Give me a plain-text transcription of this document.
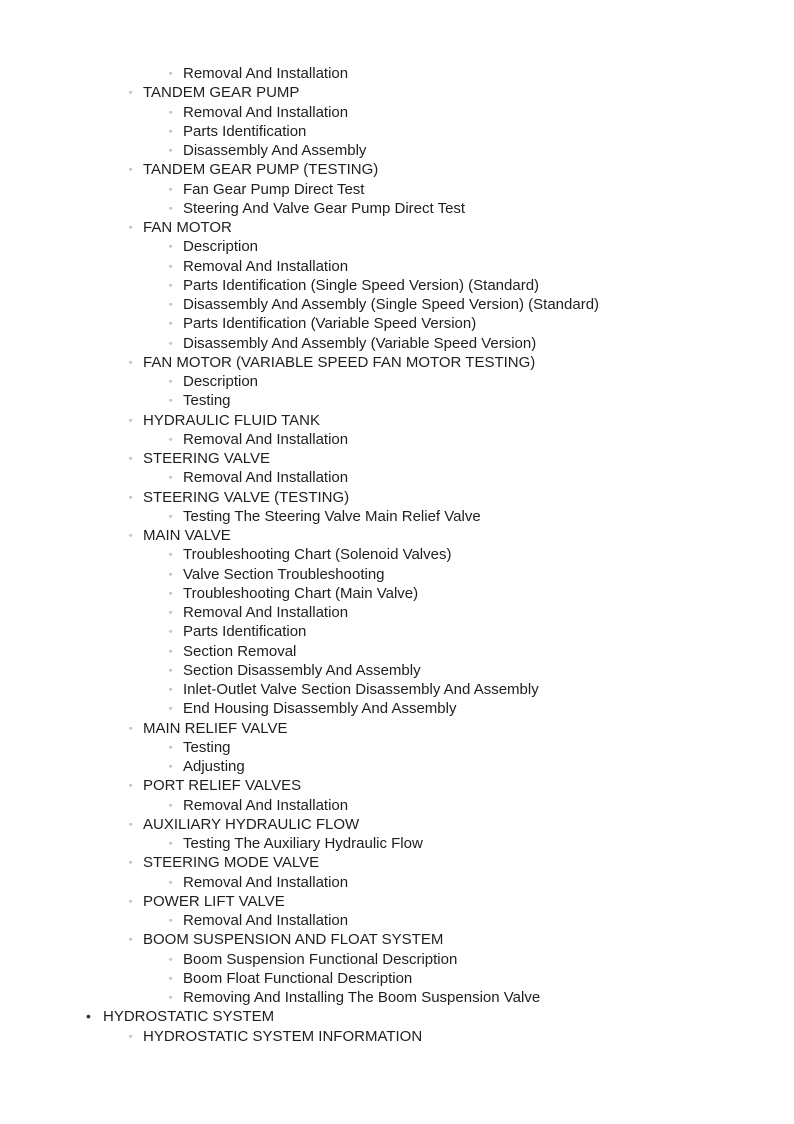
◦ Removal And Installation
◦ TANDEM GEAR PUMP
◦ Removal And Installation
◦ Parts Identification
◦ Disassembly And Assembly
◦ TANDEM GEAR PUMP (TESTING)
◦ Fan Gear Pump Direct Test
◦ Steering And Valve Gear Pump Direct Test
◦ FAN MOTOR
◦ Description
◦ Removal And Installation
◦ Parts Identification (Single Speed Version) (Standard)
◦ Disassembly And Assembly (Single Speed Version) (Standard)
◦ Parts Identification (Variable Speed Version)
◦ Disassembly And Assembly (Variable Speed Version)
◦ FAN MOTOR (VARIABLE SPEED FAN MOTOR TESTING)
◦ Description
◦ Testing
◦ HYDRAULIC FLUID TANK
◦ Removal And Installation
◦ STEERING VALVE
◦ Removal And Installation
◦ STEERING VALVE (TESTING)
◦ Testing The Steering Valve Main Relief Valve
◦ MAIN VALVE
◦ Troubleshooting Chart (Solenoid Valves)
◦ Valve Section Troubleshooting
◦ Troubleshooting Chart (Main Valve)
◦ Removal And Installation
◦ Parts Identification
◦ Section Removal
◦ Section Disassembly And Assembly
◦ Inlet-Outlet Valve Section Disassembly And Assembly
◦ End Housing Disassembly And Assembly
◦ MAIN RELIEF VALVE
◦ Testing
◦ Adjusting
◦ PORT RELIEF VALVES
◦ Removal And Installation
◦ AUXILIARY HYDRAULIC FLOW
◦ Testing The Auxiliary Hydraulic Flow
◦ STEERING MODE VALVE
◦ Removal And Installation
◦ POWER LIFT VALVE
◦ Removal And Installation
◦ BOOM SUSPENSION AND FLOAT SYSTEM
◦ Boom Suspension Functional Description
◦ Boom Float Functional Description
◦ Removing And Installing The Boom Suspension Valve
• HYDROSTATIC SYSTEM
◦ HYDROSTATIC SYSTEM INFORMATION
